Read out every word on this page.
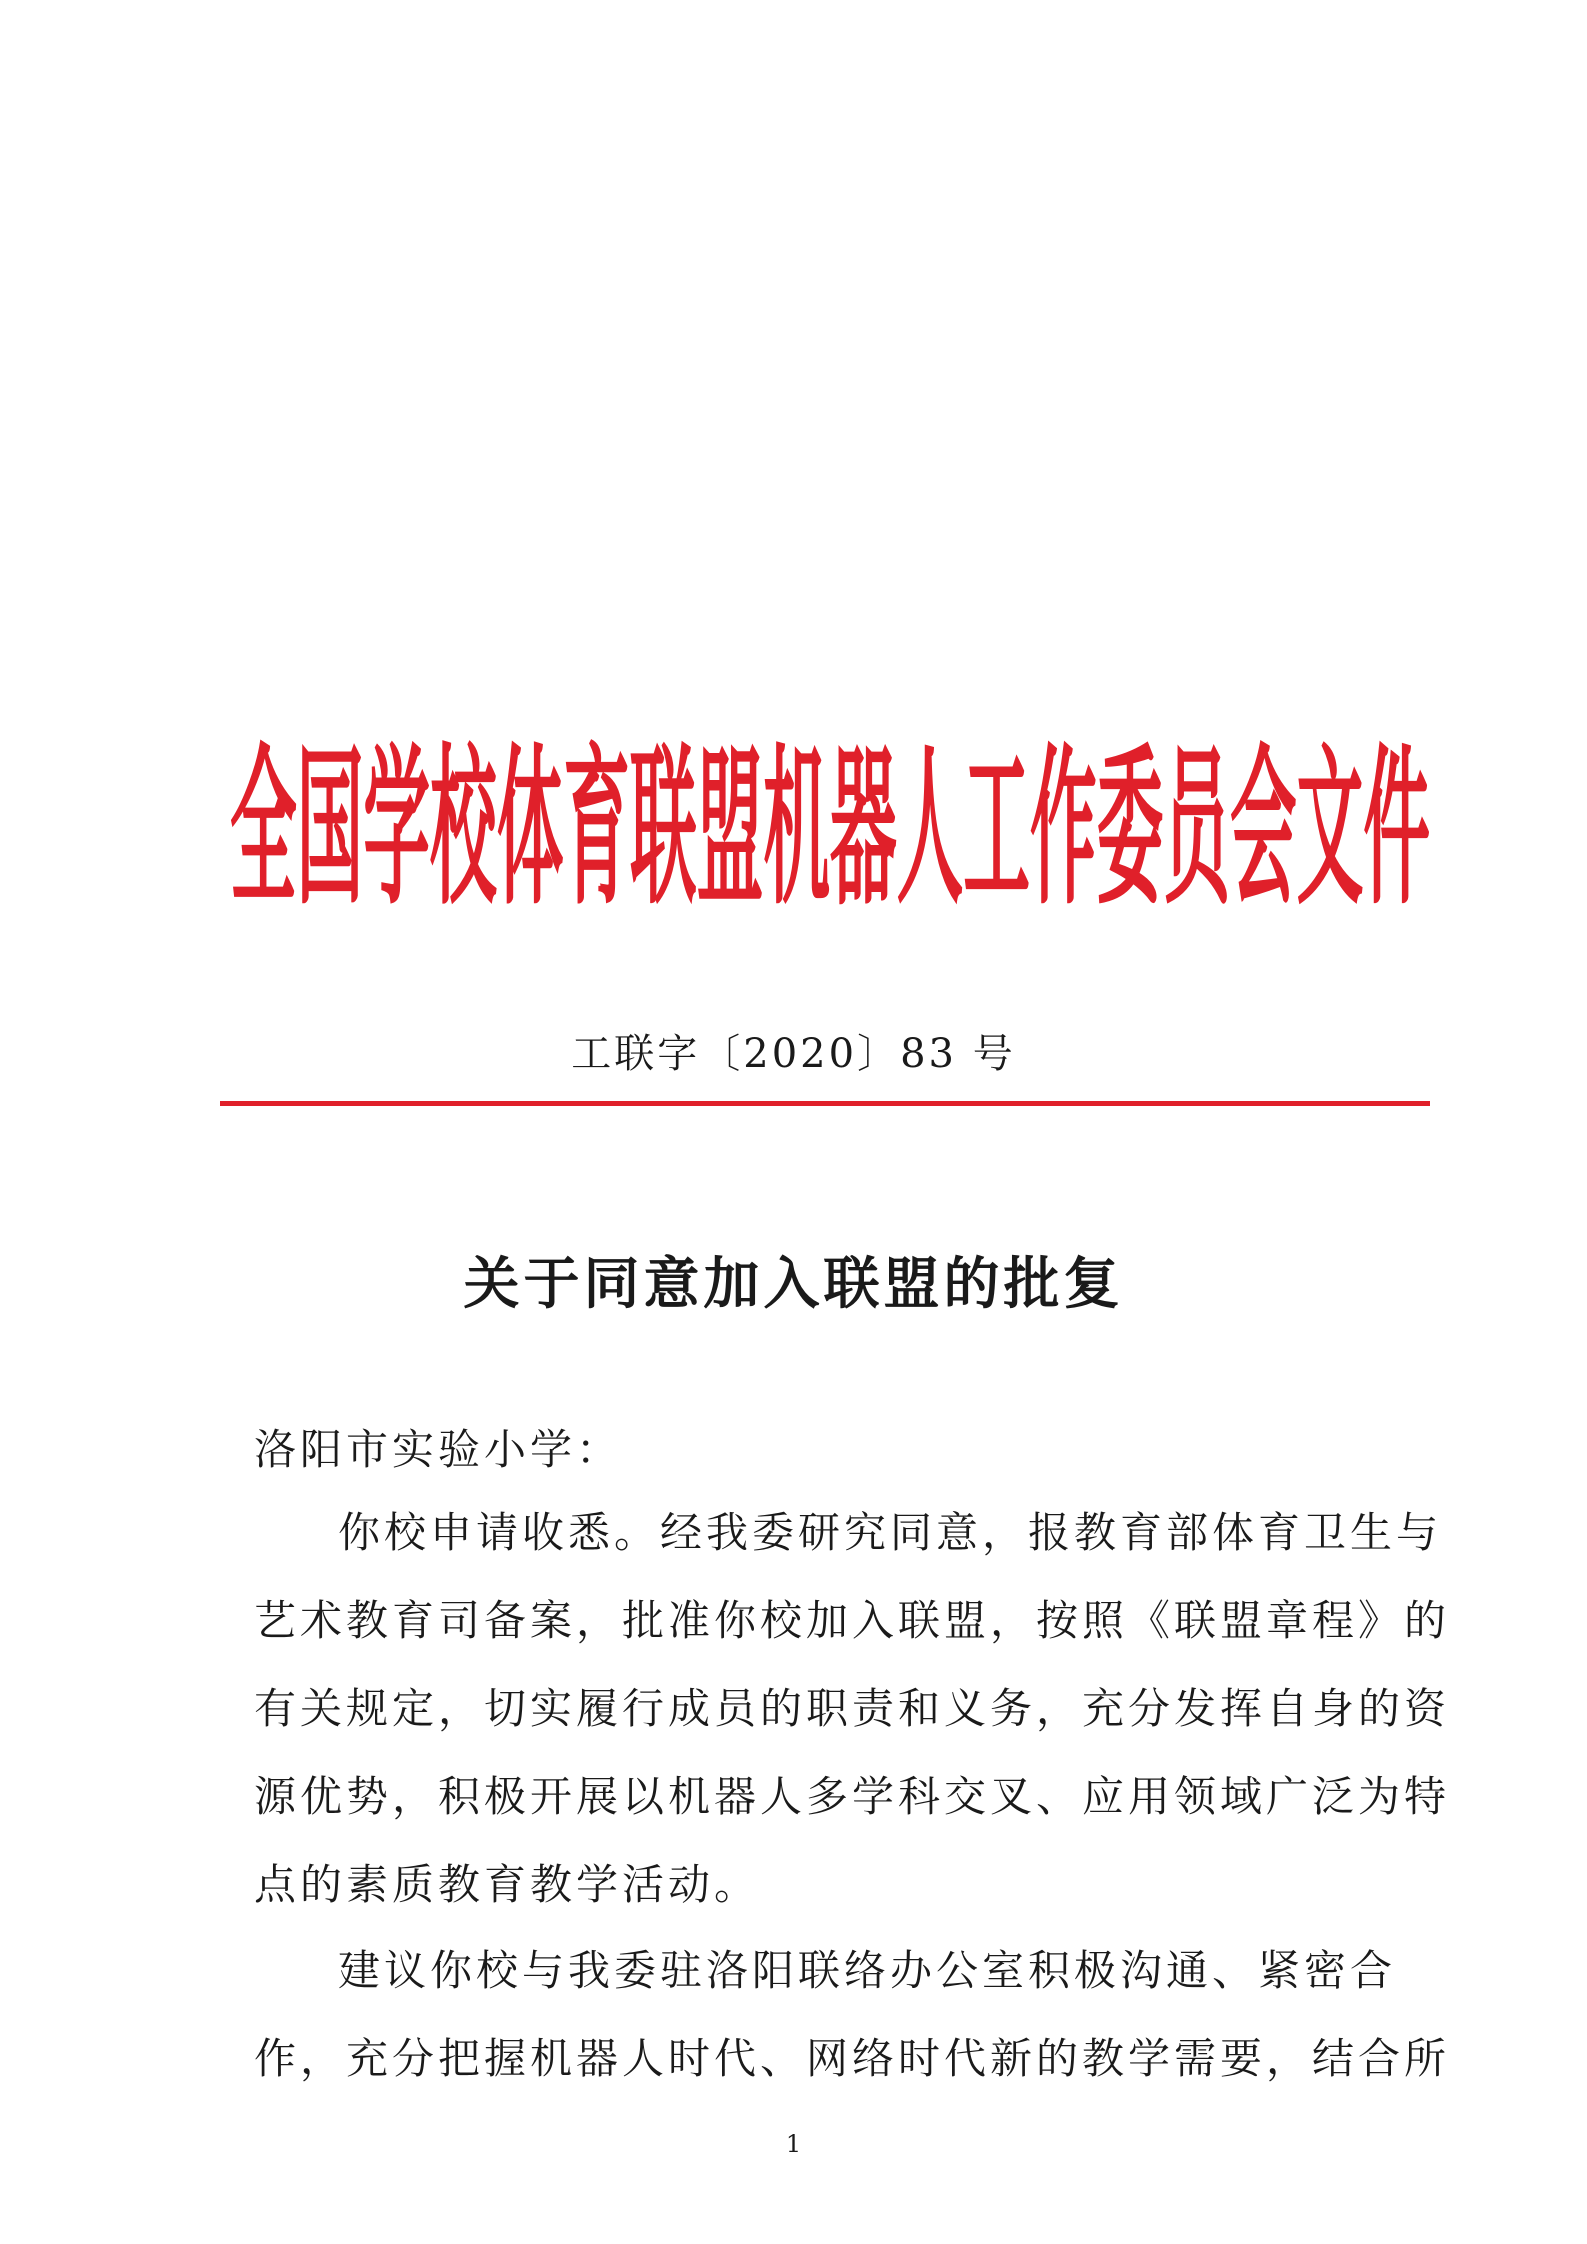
全国学校体育联盟机器人工作委员会文件
工联字〔2020〕83 号
关于同意加入联盟的批复
洛阳市实验小学：
你校申请收悉。经我委研究同意，报教育部体育卫生与
艺术教育司备案，批准你校加入联盟，按照《联盟章程》的
有关规定，切实履行成员的职责和义务，充分发挥自身的资
源优势，积极开展以机器人多学科交叉、应用领域广泛为特
点的素质教育教学活动。
建议你校与我委驻洛阳联络办公室积极沟通、紧密合
作，充分把握机器人时代、网络时代新的教学需要，结合所
1
